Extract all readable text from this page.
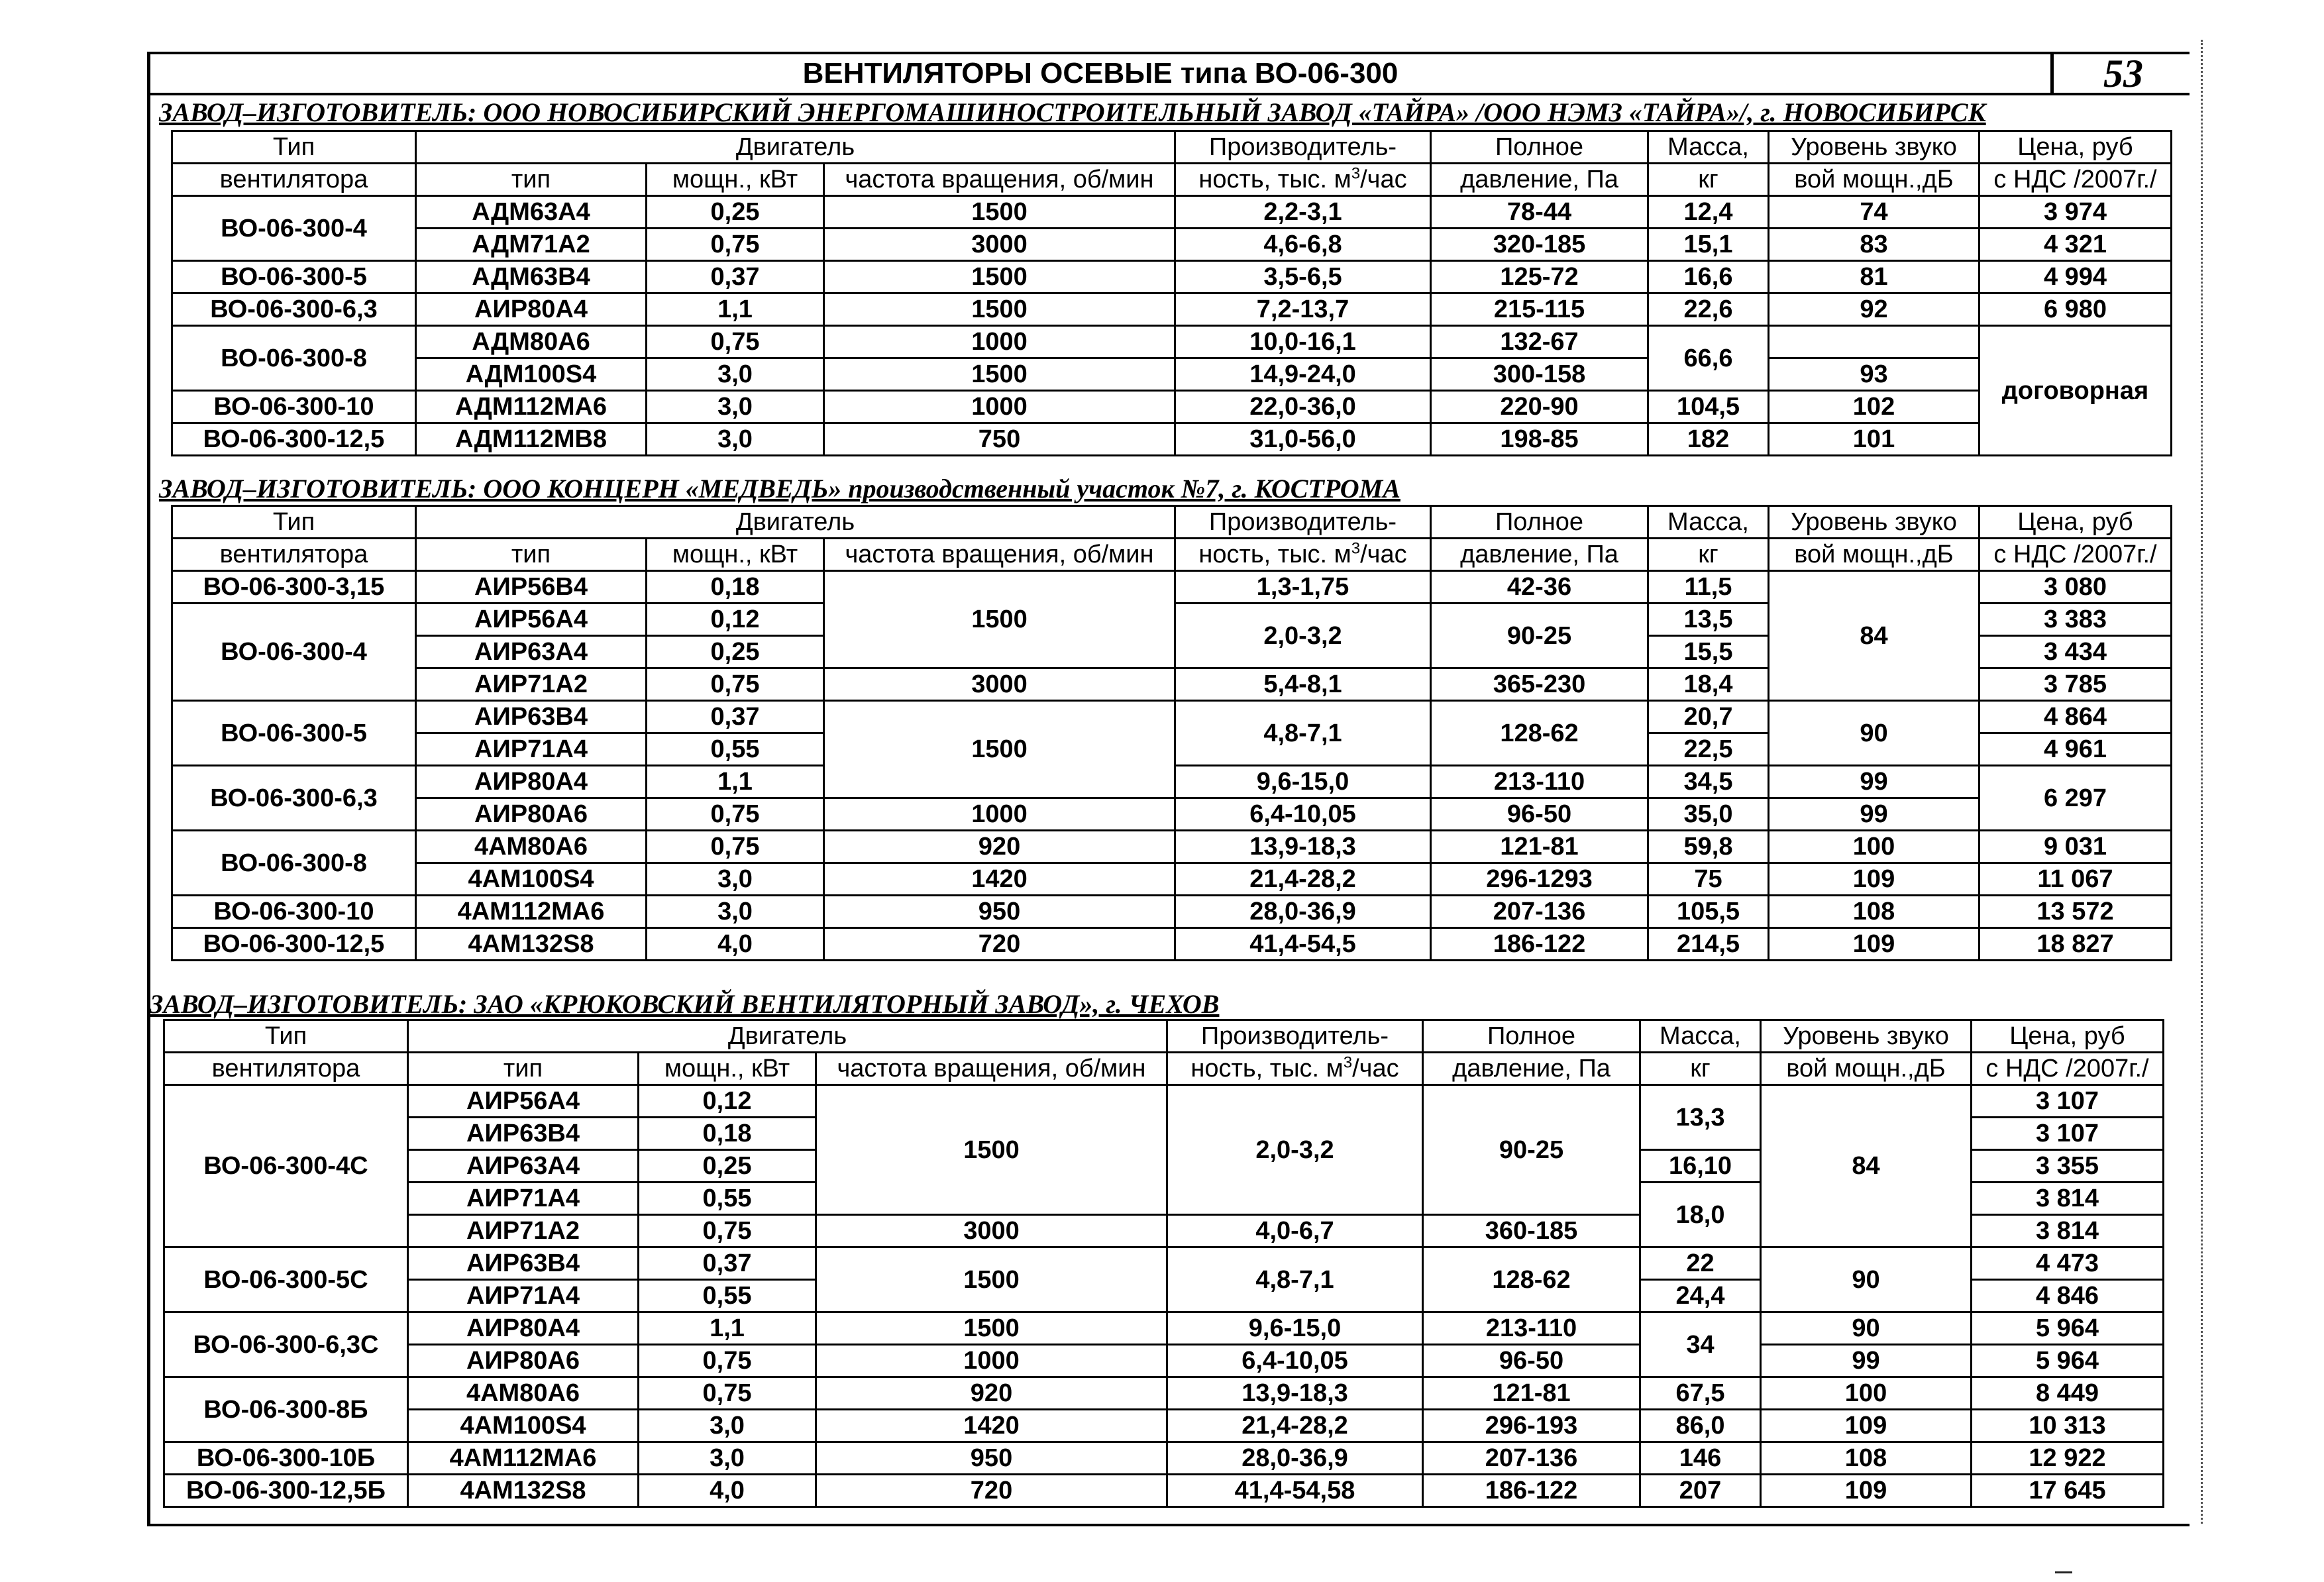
ВЕНТИЛЯТОРЫ ОСЕВЫЕ типа ВО-06-300	53
ЗАВОД–ИЗГОТОВИТЕЛЬ: ООО НОВОСИБИРСКИЙ ЭНЕРГОМАШИНОСТРОИТЕЛЬНЫЙ ЗАВОД «ТАЙРА» /ООО НЭМЗ «ТАЙРА»/, г. НОВОСИБИРСК
Тип	Двигатель			Производитель-	Полное	Масса,	Уровень звуко	Цена, руб
вентилятора	тип	мощн., кВт	частота вращения, об/мин	ность, тыс. $м^3$/час	давление, Па	кг	вой мощн.,дБ	с НДС /2007г./
ВО-06-300-4	АДМ63А4	0,25	1500	2,2-3,1	78-44	12,4	74	3 974
	АДМ71А2	0,75	3000	4,6-6,8	320-185	15,1	83	4 321
ВО-06-300-5	АДМ63В4	0,37	1500	3,5-6,5	125-72	16,6	81	4 994
ВО-06-300-6,3	АИР80А4	1,1	1500	7,2-13,7	215-115	22,6	92	6 980
ВО-06-300-8	АДМ80А6	0,75	1000	10,0-16,1	132-67	66,6		договорная
	АДМ100S4	3,0	1500	14,9-24,0	300-158		93	
ВО-06-300-10	АДМ112МА6	3,0	1000	22,0-36,0	220-90	104,5	102	
ВО-06-300-12,5	АДМ112МВ8	3,0	750	31,0-56,0	198-85	182	101	
ЗАВОД–ИЗГОТОВИТЕЛЬ: ООО КОНЦЕРН «МЕДВЕДЬ» производственный участок №7, г. КОСТРОМА
Тип	Двигатель			Производитель-	Полное	Масса,	Уровень звуко	Цена, руб
вентилятора	тип	мощн., кВт	частота вращения, об/мин	ность, тыс. $м^3$/час	давление, Па	кг	вой мощн.,дБ	с НДС /2007г./
ВО-06-300-3,15	АИР56В4	0,18	1500	1,3-1,75	42-36	11,5	84	3 080
ВО-06-300-4	АИР56А4	0,12		2,0-3,2	90-25	13,5		3 383
	АИР63А4	0,25				15,5		3 434
	АИР71А2	0,75	3000	5,4-8,1	365-230	18,4		3 785
ВО-06-300-5	АИР63В4	0,37	1500	4,8-7,1	128-62	20,7	90	4 864
	АИР71А4	0,55				22,5		4 961
ВО-06-300-6,3	АИР80А4	1,1		9,6-15,0	213-110	34,5	99	6 297
	АИР80А6	0,75	1000	6,4-10,05	96-50	35,0	99	
ВО-06-300-8	4АМ80А6	0,75	920	13,9-18,3	121-81	59,8	100	9 031
	4АМ100S4	3,0	1420	21,4-28,2	296-1293	75	109	11 067
ВО-06-300-10	4АМ112МА6	3,0	950	28,0-36,9	207-136	105,5	108	13 572
ВО-06-300-12,5	4АМ132S8	4,0	720	41,4-54,5	186-122	214,5	109	18 827
ЗАВОД–ИЗГОТОВИТЕЛЬ: ЗАО «КРЮКОВСКИЙ ВЕНТИЛЯТОРНЫЙ ЗАВОД», г. ЧЕХОВ
Тип	Двигатель			Производитель-	Полное	Масса,	Уровень звуко	Цена, руб
вентилятора	тип	мощн., кВт	частота вращения, об/мин	ность, тыс. $м^3$/час	давление, Па	кг	вой мощн.,дБ	с НДС /2007г./
ВО-06-300-4С	АИР56А4	0,12	1500	2,0-3,2	90-25	13,3	84	3 107
	АИР63В4	0,18						3 107
	АИР63А4	0,25				16,10		3 355
	АИР71А4	0,55				18,0		3 814
	АИР71А2	0,75	3000	4,0-6,7	360-185			3 814
ВО-06-300-5С	АИР63В4	0,37	1500	4,8-7,1	128-62	22	90	4 473
	АИР71А4	0,55				24,4		4 846
ВО-06-300-6,3С	АИР80А4	1,1	1500	9,6-15,0	213-110	34	90	5 964
	АИР80А6	0,75	1000	6,4-10,05	96-50		99	5 964
ВО-06-300-8Б	4АМ80А6	0,75	920	13,9-18,3	121-81	67,5	100	8 449
	4АМ100S4	3,0	1420	21,4-28,2	296-193	86,0	109	10 313
ВО-06-300-10Б	4АМ112МА6	3,0	950	28,0-36,9	207-136	146	108	12 922
ВО-06-300-12,5Б	4АМ132S8	4,0	720	41,4-54,58	186-122	207	109	17 645
